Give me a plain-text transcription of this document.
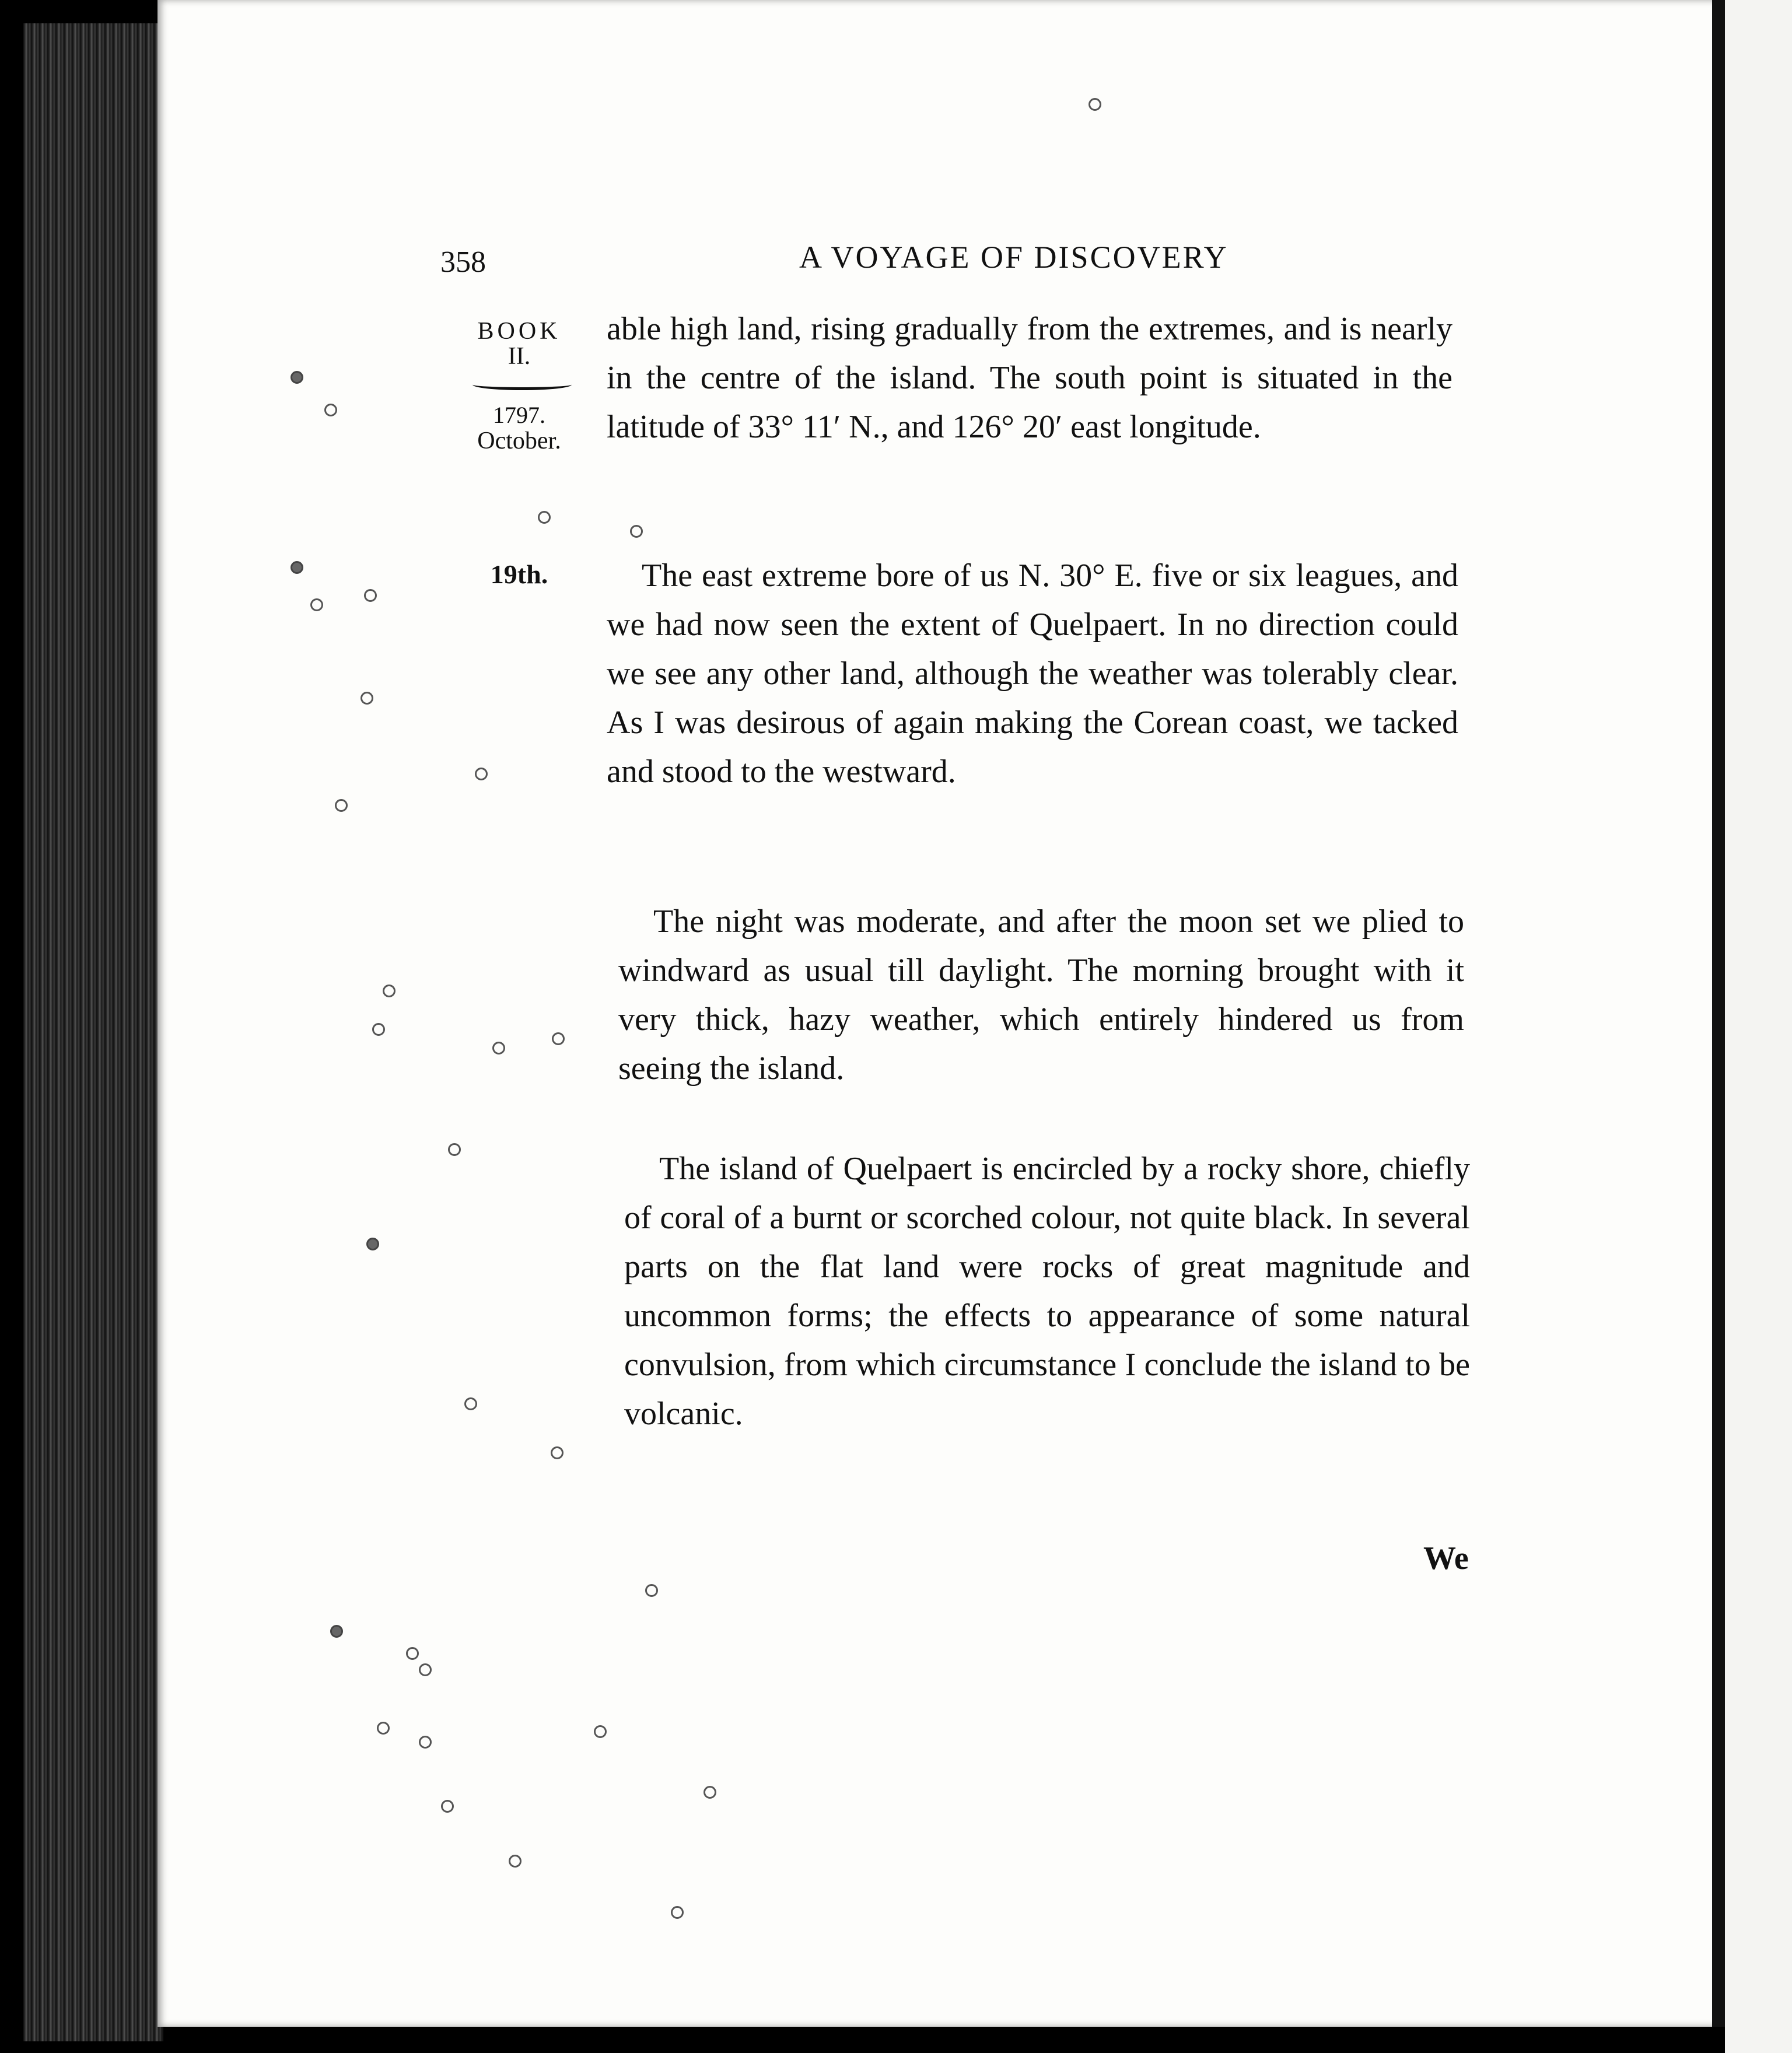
358	A VOYAGE OF DISCOVERY
BOOK
II.
1797.
October.
19th.
able high land, rising gradually from the extremes, and is nearly in the centre of the island. The south point is situated in the latitude of 33° 11′ N., and 126° 20′ east longitude.
The east extreme bore of us N. 30° E. five or six leagues, and we had now seen the extent of Quelpaert. In no direction could we see any other land, although the weather was tolerably clear. As I was desirous of again making the Corean coast, we tacked and stood to the westward.
The night was moderate, and after the moon set we plied to windward as usual till daylight. The morning brought with it very thick, hazy weather, which entirely hindered us from seeing the island.
The island of Quelpaert is encircled by a rocky shore, chiefly of coral of a burnt or scorched colour, not quite black. In several parts on the flat land were rocks of great magnitude and uncommon forms; the effects to appearance of some natural convulsion, from which circumstance I conclude the island to be volcanic.
We
